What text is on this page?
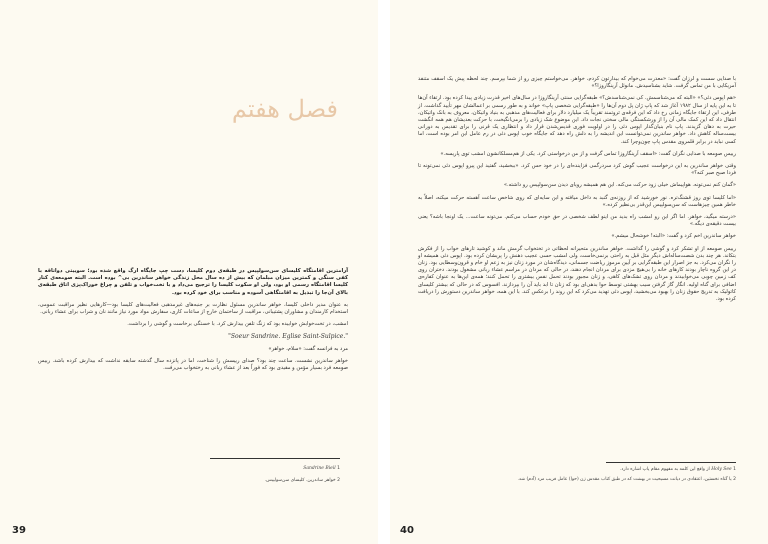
فصل هفتم

آرامترین اقامتگاه کلیسای سن‌سولپیس در طبقه‌ی دوم کلیسا، دست چپ جایگاه ارگ واقع شده بود؛ سوییتی دواتاقه با کفی سنگی و کمترین میزان مبلمان که بیش از ده سال محل زندگی خواهر ساندرین بی^ بوده است. البته صومعه‌ی کنار کلیسا اقامتگاه رسمی او بود، ولی او سکوت کلیسا را ترجیح می‌داد و با تخت‌خواب و تلفن و چراغ خوراک‌پزی اتاق طبقه‌ی بالای آن‌جا را تبدیل به اقامتگاهی آسوده و مناسب برای خود کرده بود.

به عنوان مدیر داخلی کلیسا، خواهر ساندرین مسئول نظارت بر جنبه‌های غیرمذهبی فعالیت‌های کلیسا بود—کارهایی نظیر مراقبت عمومی، استخدام کارمندان و مشاوران پشتیبانی، مراقبت از ساختمان خارج از ساعات کاری، سفارش مواد مورد نیاز مانند نان و شراب برای عشاء ربانی.

امشب، در تخت‌خوابش خوابیده بود که زنگ تلفن بیدارش کرد. با خستگی برخاست و گوشی را برداشت.

"Soeur Sandrine. Eglise Saint-Sulpice."

مرد به فرانسه گفت: «سلام، خواهر»

خواهر ساندرین نشست. ساعت چند بود؟ صدای رییسش را شناخت، اما در پانزده سال گذشته سابقه نداشت که بیدارش کرده باشد. رییس صومعه فرد بسیار مؤمن و مقیدی بود که فوراً بعد از عشاء ربانی به رختخواب می‌رفت.

1 Sandrine Bieil
2 خواهر ساندرین. کلیسای سن‌سولپیس.
39

با صدایی سست و لرزان گفت: «معذرت می‌خوام که بیدارتون کردم، خواهر. می‌خواستم چیزی رو از شما بپرسم. چند لحظه پیش یک اسقف متنفذ آمریکایی با من تماس گرفت. شاید بشناسیدش. مانوئل آرینگاروزا؟»

«هم اپوس دئی؟» «البته که می‌شناسمش. کی نمی‌شناسدش؟» طبقه‌گرایی سنتی آرینگاروزا در سال‌های اخیر قدرت زیادی پیدا کرده بود. ارتقاء آن‌ها تا به این پایه از سال ۱۹۸۲ آغاز شد که پاپ ژان پل دوم آن‌ها را «طبقه‌گرایی شخصی پاپ» خواند و به طور رسمی بر اعمالشان مهر تأیید گذاشت. از طرفی، این ارتقاء جایگاه زمانی رخ داد که این فرقه‌ی ثروتمند تقریباً یک میلیارد دلار برای فعالیت‌های مذهبی به بنیاد واتیکان، معروف به بانک واتیکان، انتقال داد که این کمک مالی آن را از ورشکستگی مالی سختی نجات داد. این موضوع شک زیادی را برمی‌انگیخت، با حرکت بعدیشان هم همه انگشت حیرت به دهان گزیدند. پاپ نام بنیان‌گذار اپوس دئی را در اولویت فوری قدیس‌شدن قرار داد و انتظاری یک قرنی را برای تقدیس به دورانی بیست‌ساله کاهش داد. خواهر ساندرین نمی‌توانست این اندیشه را به دلش راه دهد که جایگاه خوب اپوس دئی در رم عامل این امر بوده است، اما کسی نباید در برابر قلمروی مقدس پاپ چون‌وچرا کند.

رییس صومعه با صدایی نگران گفت: «اسقف آرینگاروزا تماس گرفت و از من درخواستی کرد. یکی از هم‌مسلکانشون امشب توی پاریسه.»

وقتی خواهر ساندرین به این درخواست عجیب گوش کرد سردرگمی فزاینده‌ای را در خود حس کرد. «ببخشید، گفتید این پیرو اپوس دئی نمی‌تونه تا فردا صبح صبر کنه؟»

«گمان کنم نمی‌تونه. هواپیماش خیلی زود حرکت می‌کنه. این هم همیشه رویای دیدن سن‌سولپیس رو داشته.»

«اما کلیسا توی روز قشنگ‌تره. نور خورشید که از روزنه‌ی گنبد به داخل میافته و این سایه‌ای که روی شاخص ساعت آهسته حرکت میکنه، اصلاً به خاطر همین چیزهاست که سن‌سولپیس این‌قدر بی‌نظیر کرده.»

«درسته میگید، خواهر. اما اگر این رو امشب راه بدید من اینو لطف شخصی در حق خودم حساب می‌کنم. می‌تونه ساعت... یک اونجا باشه؟ یعنی بیست دقیقه‌ی دیگه.»

خواهر ساندرین اخم کرد و گفت: «البته! خوشحال میشم.»

رییس صومعه از او تشکر کرد و گوشی را گذاشت. خواهر ساندرین متحیرانه لحظاتی در تختخواب گرمش ماند و کوشید تارهای خواب را از فکرش بتکاند. هر چند بدن شصت‌ساله‌اش دیگر مثل قبل به راحتی برنمی‌خاست، ولی امشب حسی عجیب ذهنش را پریشان کرده بود. اپوس دئی همیشه او را نگران می‌کرد. به جز اصرار این طبقه‌گرایی بر آیین مرموز ریاضت جسمانی، دیدگاه‌شان در مورد زنان نیز به زعم او خام و قرون‌وسطایی بود. زنان در این گروه ناچار بودند کارهای خانه را بی‌هیچ مزدی برای مردان انجام دهند، در حالی که مردان در مراسم عشاء ربانی مشغول بودند. دختران روی کف زمین چوبی می‌خوابیدند و مردان روی تشک‌های کاهی، و زنان مجبور بودند تحمل نفس بیشتری را تحمل کنند؛ همه‌ی این‌ها به عنوان کفاره‌ی اضافی برای گناه اولیه. انگار گاز گرفتن سیب بهشتی توسط حوا بدهی‌ای بود که زنان تا ابد باید آن را بپردازند. افسوس که در حالی که بیشتر کلیسای کاتولیک به تدریج حقوق زنان را بهبود می‌بخشید، اپوس دئی تهدید می‌کرد که این روند را برعکس کند. با این همه، خواهر ساندرین دستورش را دریافت کرده بود.

1 Holy See از واقع این کلمه به مفهوم مقام پاپ اشاره دارد.
2 یا گناه نخستین، اعتقادی در دیانت مسیحیت در بهشت که در طبق کتاب مقدس زن (حوا) عامل فریب مرد (آدم) شد.
40
